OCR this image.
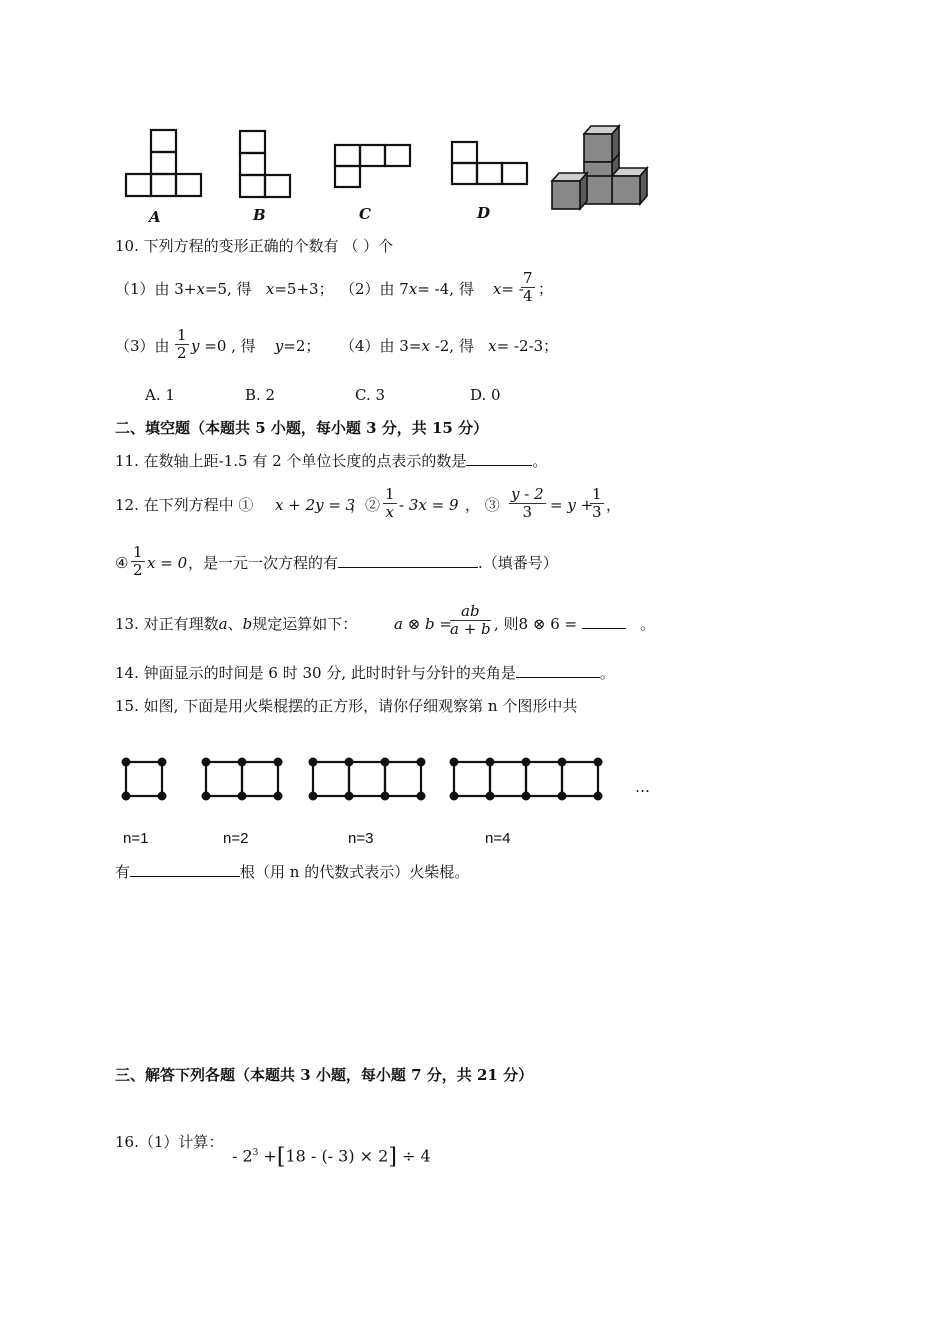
A	B	C	D
10. 下列方程的变形正确的个数有 （ ）个
（1）由 3+x=5, 得 x=5+3； （2）由 7x= -4, 得 x= -
$\frac{7}{4}$ ；
（3）由 $\frac{1}{2}$ y =0 , 得 y=2； （4）由 3=x -2, 得 x= -2-3；
A. 1	B. 2	C. 3	D. 0
二、填空题（本题共 5 小题，每小题 3 分，共 15 分）
11. 在数轴上距-1.5 有 2 个单位长度的点表示的数是	。
12. 在下列方程中 ① x + 2y = 3
，② $\frac{1}{x} - 3x = 9$ ， ③ $\frac{y - 2}{3} = y$ +
$\frac{1}{3}$ ，
④ $\frac{1}{2}$ x = 0 ，是一元一次方程的有	.（填番号）
13. 对正有理数a、b规定运算如下： a ⊗ b =
$\frac{ab}{a + b}$ , 则8 ⊗ 6 =	。
14. 钟面显示的时间是 6 时 30 分, 此时时针与分针的夹角是	。
15. 如图, 下面是用火柴棍摆的正方形，请你仔细观察第 n 个图形中共
…
n=1	n=2	n=3	n=4
有	根（用 n 的代数式表示）火柴棍。
三、解答下列各题（本题共 3 小题，每小题 7 分，共 21 分）
16.（1）计算：
- $2^3 +[18$ - (- 3) × 2] ÷ 4
